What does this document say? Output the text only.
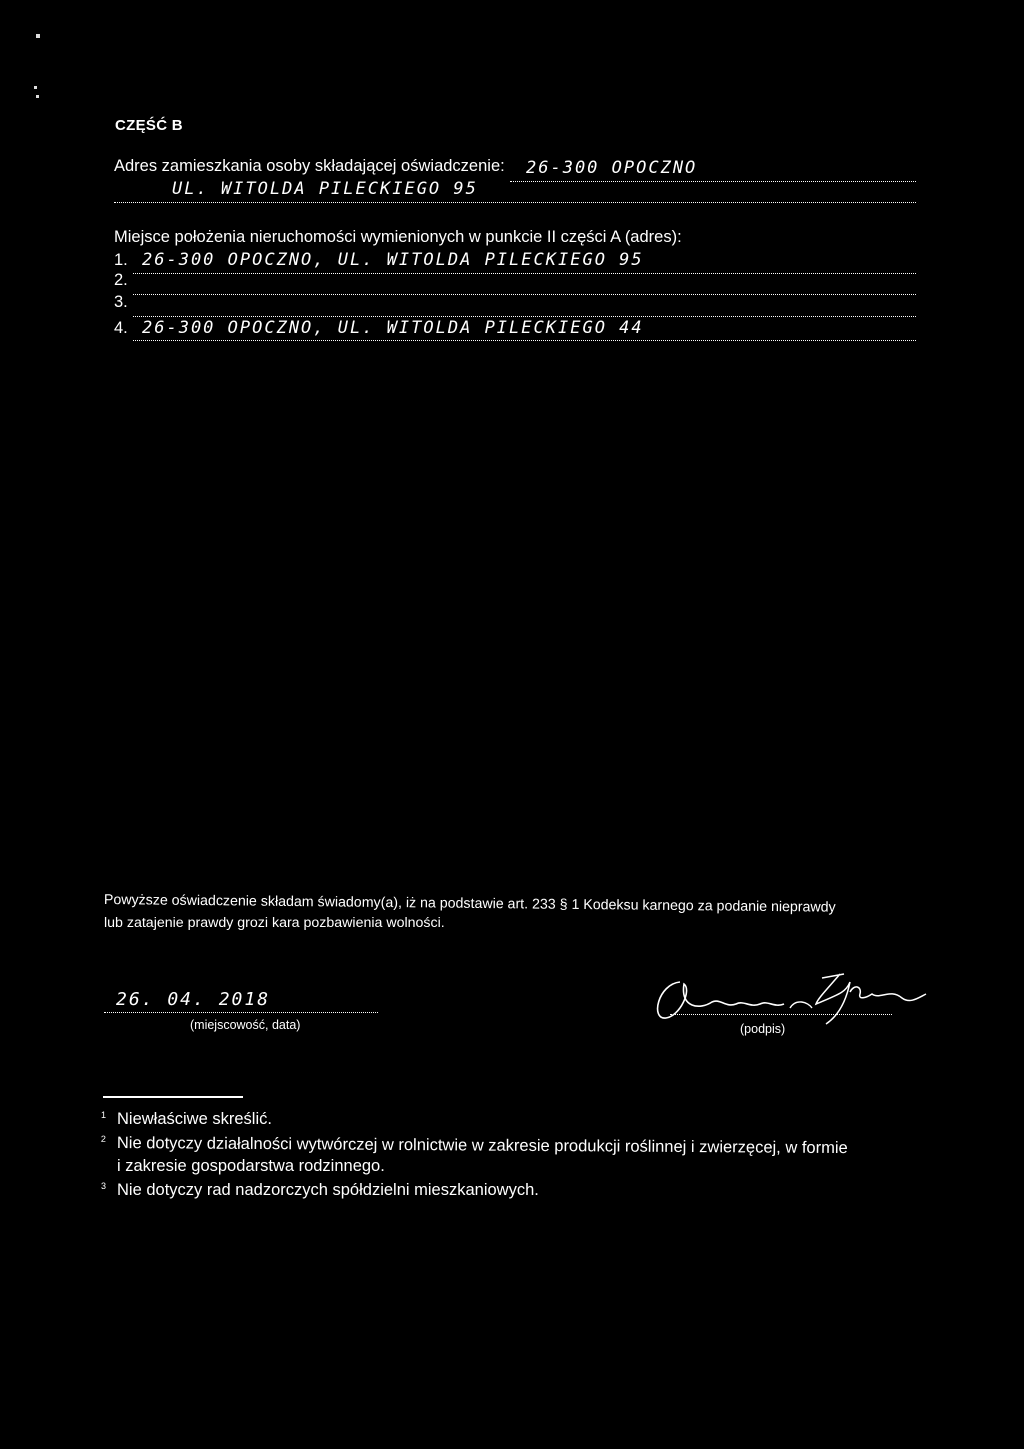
CZĘŚĆ B
Adres zamieszkania osoby składającej oświadczenie: 26-300 OPOCZNO
UL. WITOLDA PILECKIEGO 95
Miejsce położenia nieruchomości wymienionych w punkcie II części A (adres):
1. 26-300 OPOCZNO, UL. WITOLDA PILECKIEGO 95
2.
3.
4. 26-300 OPOCZNO, UL. WITOLDA PILECKIEGO 44
Powyższe oświadczenie składam świadomy(a), iż na podstawie art. 233 § 1 Kodeksu karnego za podanie nieprawdy
lub zatajenie prawdy grozi kara pozbawienia wolności.
26. 04. 2018
(miejscowość, data)	(podpis)
1 Niewłaściwe skreślić.
2 Nie dotyczy działalności wytwórczej w rolnictwie w zakresie produkcji roślinnej i zwierzęcej, w formie
i zakresie gospodarstwa rodzinnego.
3 Nie dotyczy rad nadzorczych spółdzielni mieszkaniowych.
